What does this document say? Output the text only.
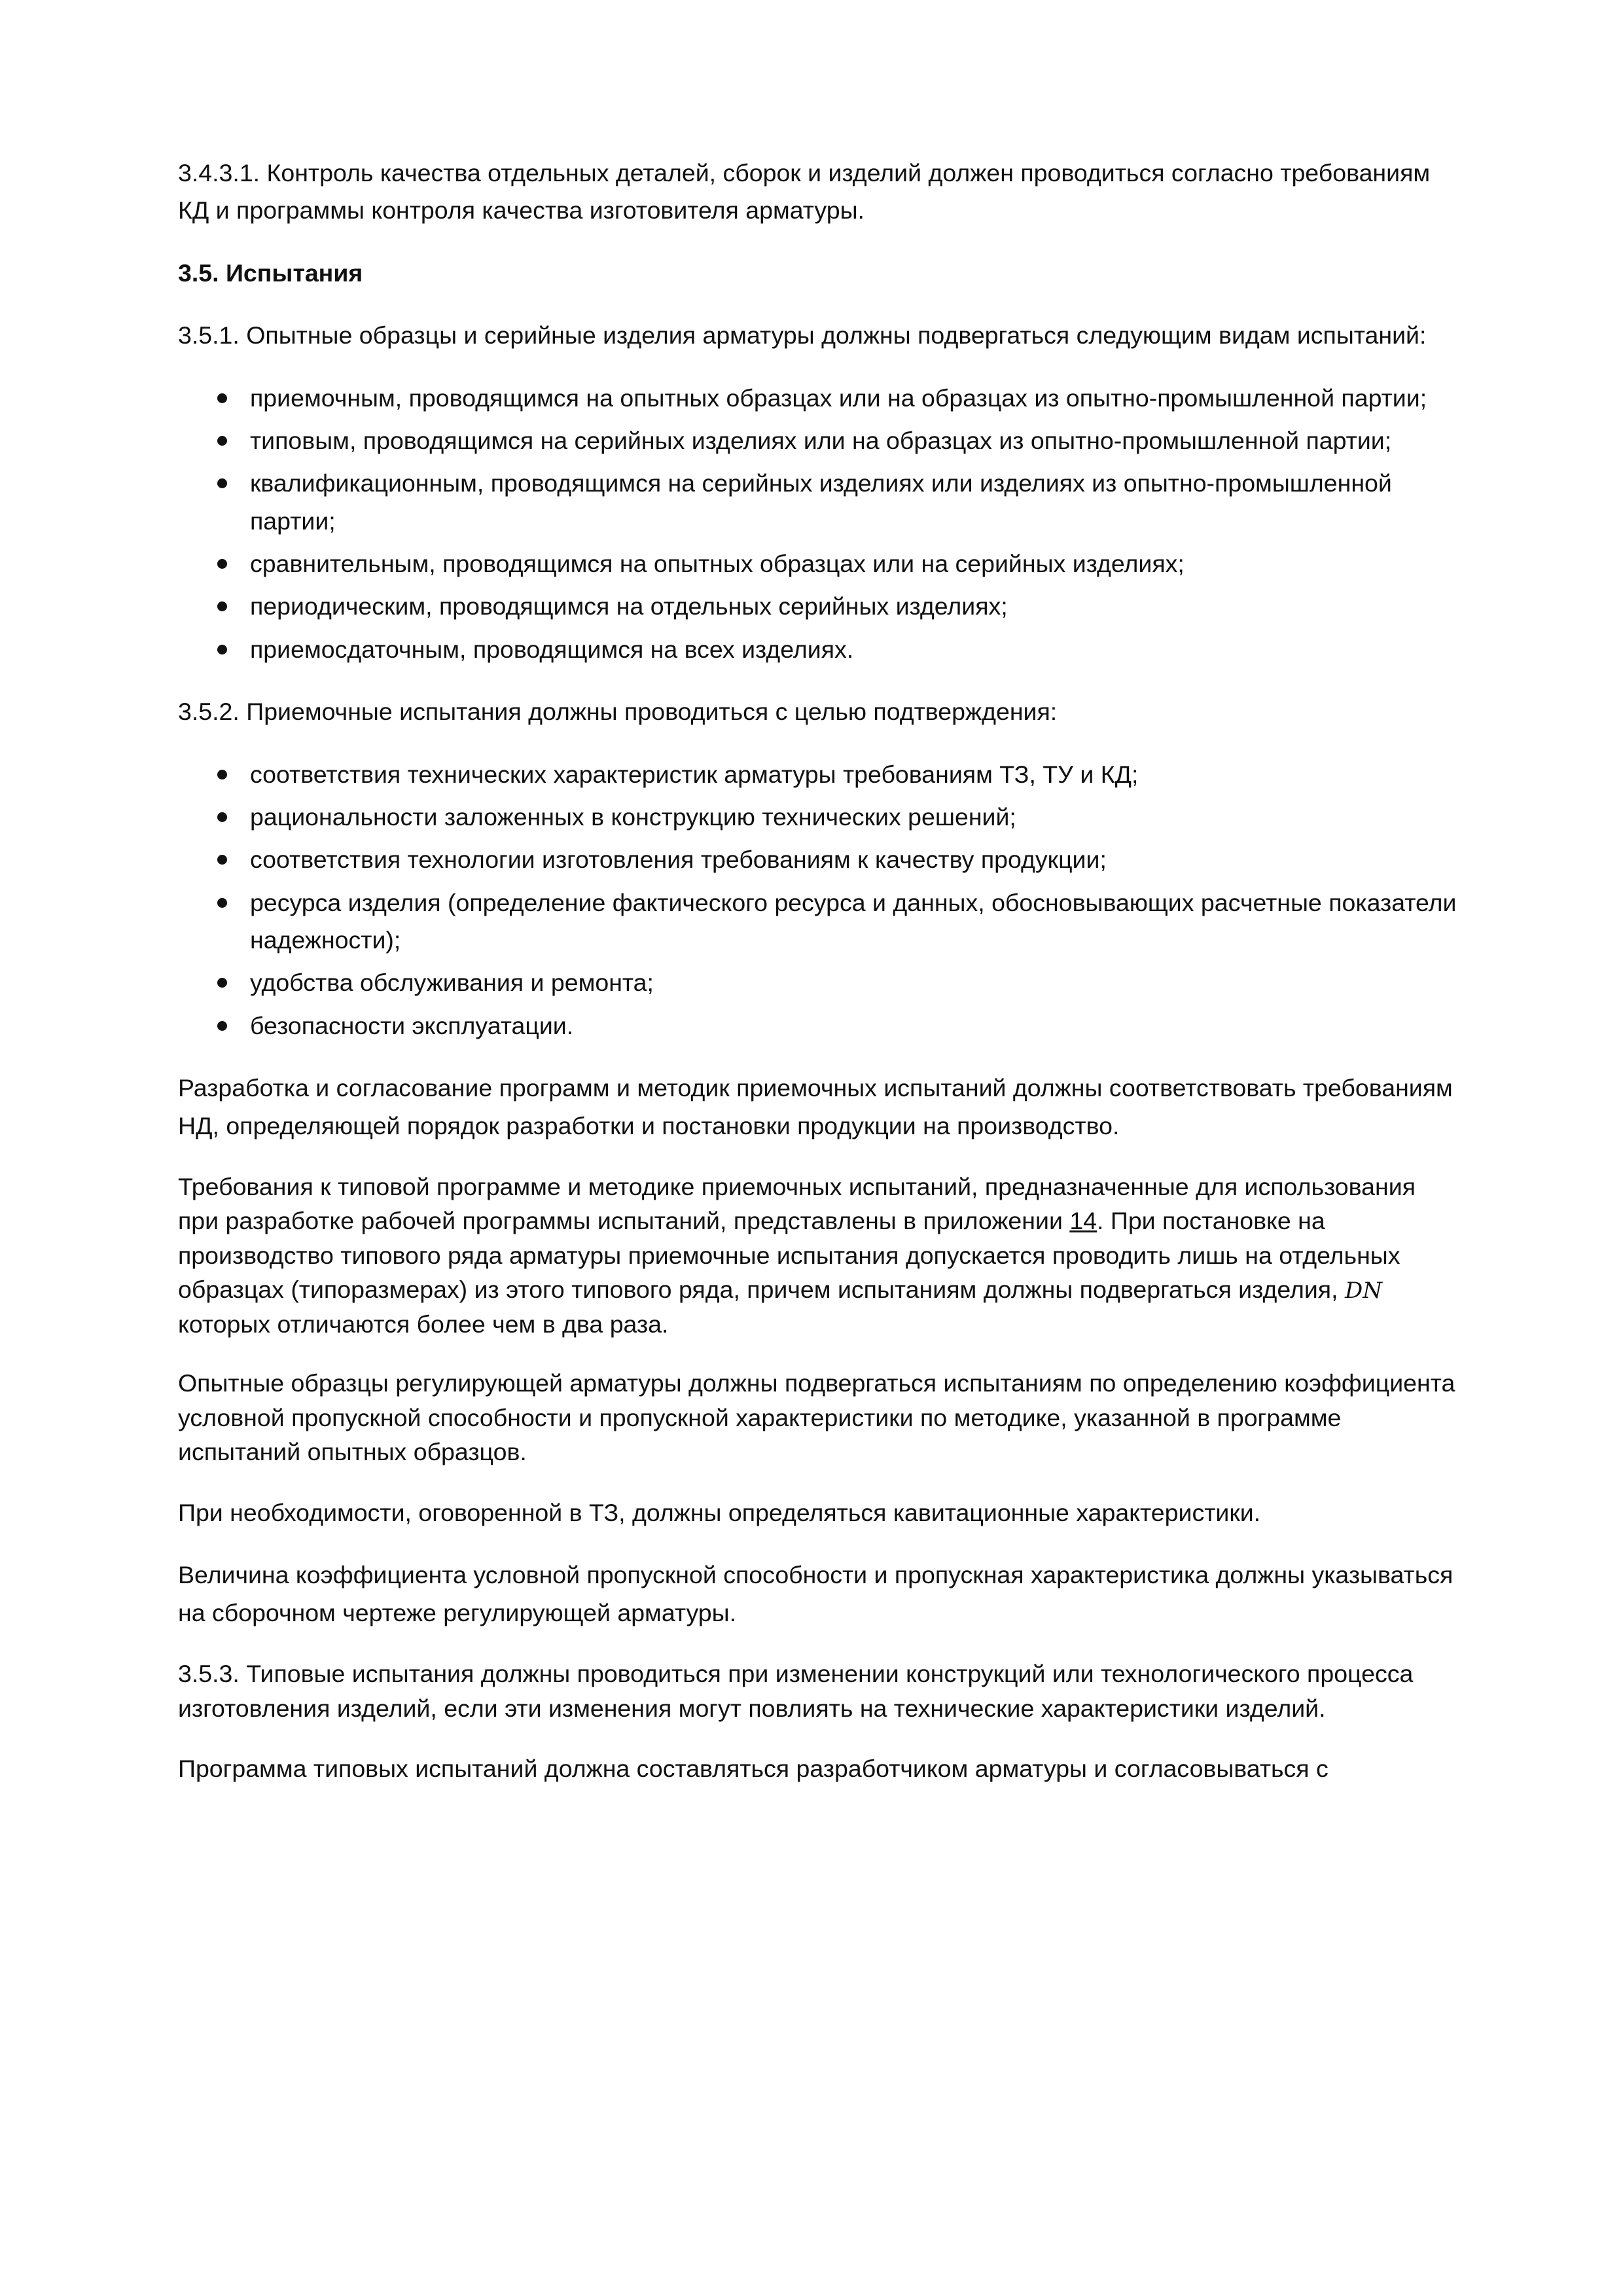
3.4.3.1. Контроль качества отдельных деталей, сборок и изделий должен проводиться согласно требованиям КД и программы контроля качества изготовителя арматуры.

3.5. Испытания

3.5.1. Опытные образцы и серийные изделия арматуры должны подвергаться следующим видам испытаний:

приемочным, проводящимся на опытных образцах или на образцах из опытно-промышленной партии;
типовым, проводящимся на серийных изделиях или на образцах из опытно-промышленной партии;
квалификационным, проводящимся на серийных изделиях или изделиях из опытно-промышленной партии;
сравнительным, проводящимся на опытных образцах или на серийных изделиях;
периодическим, проводящимся на отдельных серийных изделиях;
приемосдаточным, проводящимся на всех изделиях.

3.5.2. Приемочные испытания должны проводиться с целью подтверждения:

соответствия технических характеристик арматуры требованиям ТЗ, ТУ и КД;
рациональности заложенных в конструкцию технических решений;
соответствия технологии изготовления требованиям к качеству продукции;
ресурса изделия (определение фактического ресурса и данных, обосновывающих расчетные показатели надежности);
удобства обслуживания и ремонта;
безопасности эксплуатации.

Разработка и согласование программ и методик приемочных испытаний должны соответствовать требованиям НД, определяющей порядок разработки и постановки продукции на производство.

Требования к типовой программе и методике приемочных испытаний, предназначенные для использования при разработке рабочей программы испытаний, представлены в приложении 14. При постановке на производство типового ряда арматуры приемочные испытания допускается проводить лишь на отдельных образцах (типоразмерах) из этого типового ряда, причем испытаниям должны подвергаться изделия, DN которых отличаются более чем в два раза.

Опытные образцы регулирующей арматуры должны подвергаться испытаниям по определению коэффициента условной пропускной способности и пропускной характеристики по методике, указанной в программе испытаний опытных образцов.

При необходимости, оговоренной в ТЗ, должны определяться кавитационные характеристики.

Величина коэффициента условной пропускной способности и пропускная характеристика должны указываться на сборочном чертеже регулирующей арматуры.

3.5.3. Типовые испытания должны проводиться при изменении конструкций или технологического процесса изготовления изделий, если эти изменения могут повлиять на технические характеристики изделий.

Программа типовых испытаний должна составляться разработчиком арматуры и согласовываться с
